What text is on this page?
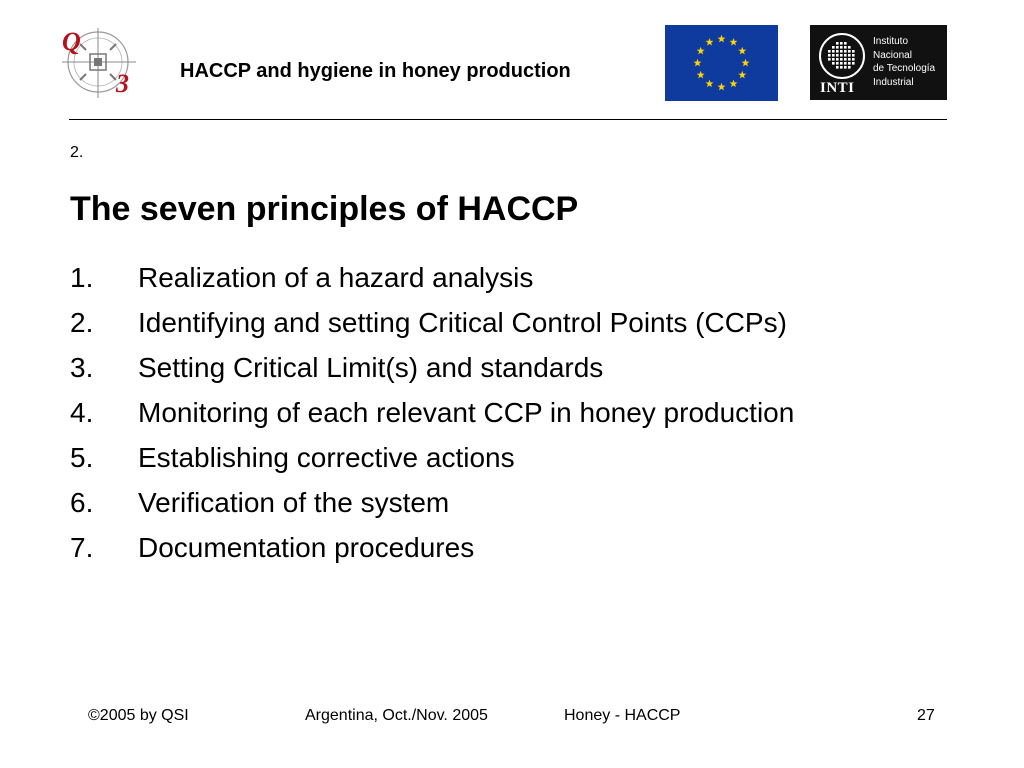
Q
3	HACCP and hygiene in honey production
INTI
Instituto
Nacional
de Tecnología
Industrial
2.
The seven principles of HACCP
1. Realization of a hazard analysis
2. Identifying and setting Critical Control Points (CCPs)
3. Setting Critical Limit(s) and standards
4. Monitoring of each relevant CCP in honey production
5. Establishing corrective actions
6. Verification of the system
7. Documentation procedures
©2005 by QSI	Argentina, Oct./Nov. 2005	Honey - HACCP	27
